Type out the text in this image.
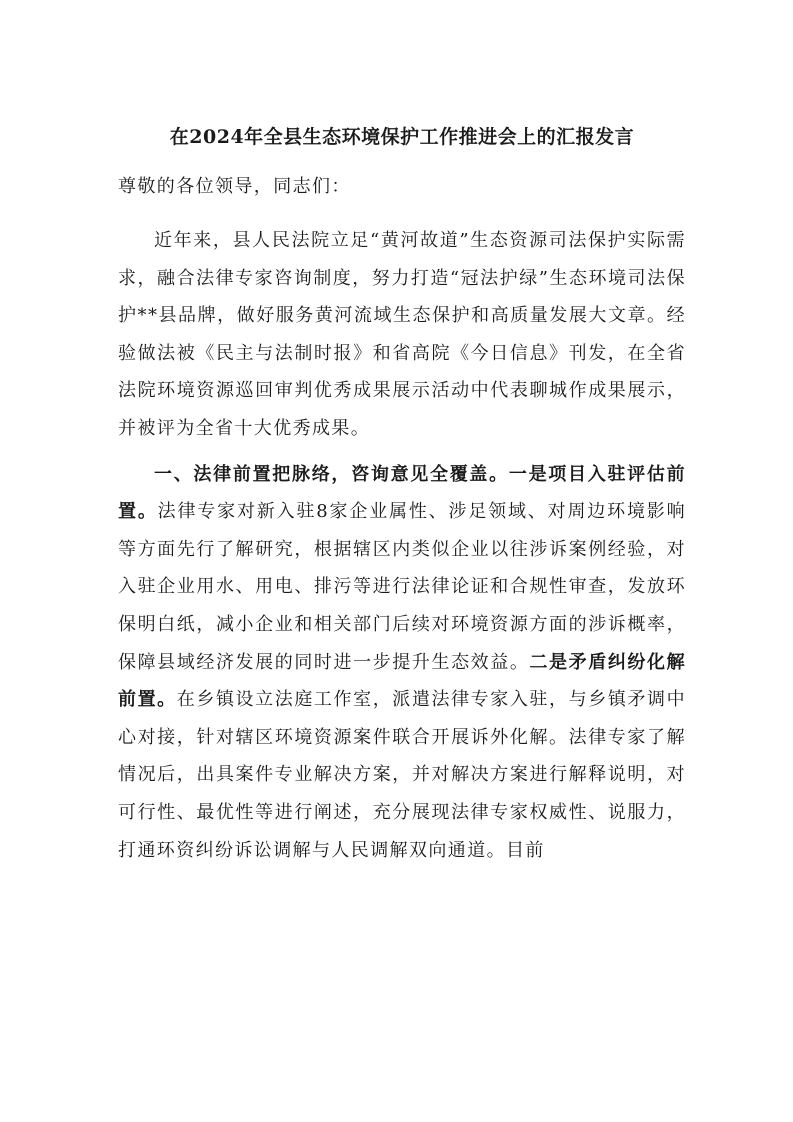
在2024年全县生态环境保护工作推进会上的汇报发言

尊敬的各位领导，同志们：

近年来，县人民法院立足“黄河故道”生态资源司法保护实际需求，融合法律专家咨询制度，努力打造“冠法护绿”生态环境司法保护**县品牌，做好服务黄河流域生态保护和高质量发展大文章。经验做法被《民主与法制时报》和省高院《今日信息》刊发，在全省法院环境资源巡回审判优秀成果展示活动中代表聊城作成果展示，并被评为全省十大优秀成果。

一、法律前置把脉络，咨询意见全覆盖。一是项目入驻评估前置。法律专家对新入驻8家企业属性、涉足领域、对周边环境影响等方面先行了解研究，根据辖区内类似企业以往涉诉案例经验，对入驻企业用水、用电、排污等进行法律论证和合规性审查，发放环保明白纸，减小企业和相关部门后续对环境资源方面的涉诉概率，保障县域经济发展的同时进一步提升生态效益。二是矛盾纠纷化解前置。在乡镇设立法庭工作室，派遣法律专家入驻，与乡镇矛调中心对接，针对辖区环境资源案件联合开展诉外化解。法律专家了解情况后，出具案件专业解决方案，并对解决方案进行解释说明，对可行性、最优性等进行阐述，充分展现法律专家权威性、说服力，打通环资纠纷诉讼调解与人民调解双向通道。目前
